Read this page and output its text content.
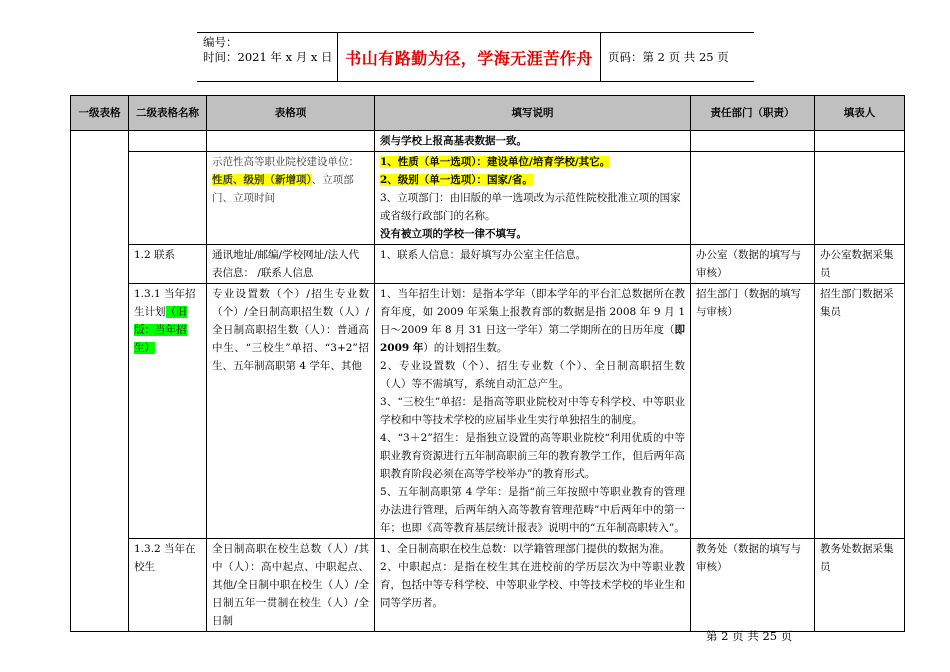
编号：
时间：2021 年 x 月 x 日 书山有路勤为径，学海无涯苦作舟 页码：第 2 页 共 25 页
一级表格	二级表格名称	表格项	填写说明	责任部门（职责）	填表人
			须与学校上报高基表数据一致。		
		示范性高等职业院校建设单位：性质、级别（新增项）、立项部门、立项时间	1、性质（单一选项）：建设单位/培育学校/其它。
2、级别（单一选项）：国家/省。
3、立项部门：由旧版的单一选项改为示范性院校批准立项的国家或省级行政部门的名称。
没有被立项的学校一律不填写。		

	1.2 联系	通讯地址/邮编/学校网址/法人代表信息： /联系人信息	1、联系人信息：最好填写办公室主任信息。	办公室（数据的填写与审核）	办公室数据采集员
	1.3.1 当年招生计划（旧版：当年招生）	专业设置数（个）/招生专业数（个）/全日制高职招生数（人）/全日制高职招生数（人）：普通高中生、“三校生”单招、“3+2”招生、五年制高职第 4 学年、其他	1、当年招生计划：是指本学年（即本学年的平台汇总数据所在教育年度，如 2009 年采集上报教育部的数据是指 2008 年 9 月 1 日～2009 年 8 月 31 日这一学年）第二学期所在的日历年度（即 2009 年）的计划招生数。
2、专业设置数（个）、招生专业数（个）、全日制高职招生数（人）等不需填写，系统自动汇总产生。
3、“三校生”单招：是指高等职业院校对中等专科学校、中等职业学校和中等技术学校的应届毕业生实行单独招生的制度。
4、“3＋2”招生：是指独立设置的高等职业院校“利用优质的中等职业教育资源进行五年制高职前三年的教育教学工作，但后两年高职教育阶段必须在高等学校举办”的教育形式。
5、五年制高职第 4 学年：是指“前三年按照中等职业教育的管理办法进行管理，后两年纳入高等教育管理范畴”中后两年中的第一年；也即《高等教育基层统计报表》说明中的“五年制高职转入”。	招生部门（数据的填写与审核）	招生部门数据采集员
	1.3.2 当年在校生	全日制高职在校生总数（人）/其中（人）：高中起点、中职起点、其他/全日制中职在校生（人）/全日制五年一贯制在校生（人）/全日制	1、全日制高职在校生总数：以学籍管理部门提供的数据为准。
2、中职起点：是指在校生其在进校前的学历层次为中等职业教育，包括中等专科学校、中等职业学校、中等技术学校的毕业生和同等学历者。	教务处（数据的填写与审核）	教务处数据采集员
第 2 页 共 25 页
